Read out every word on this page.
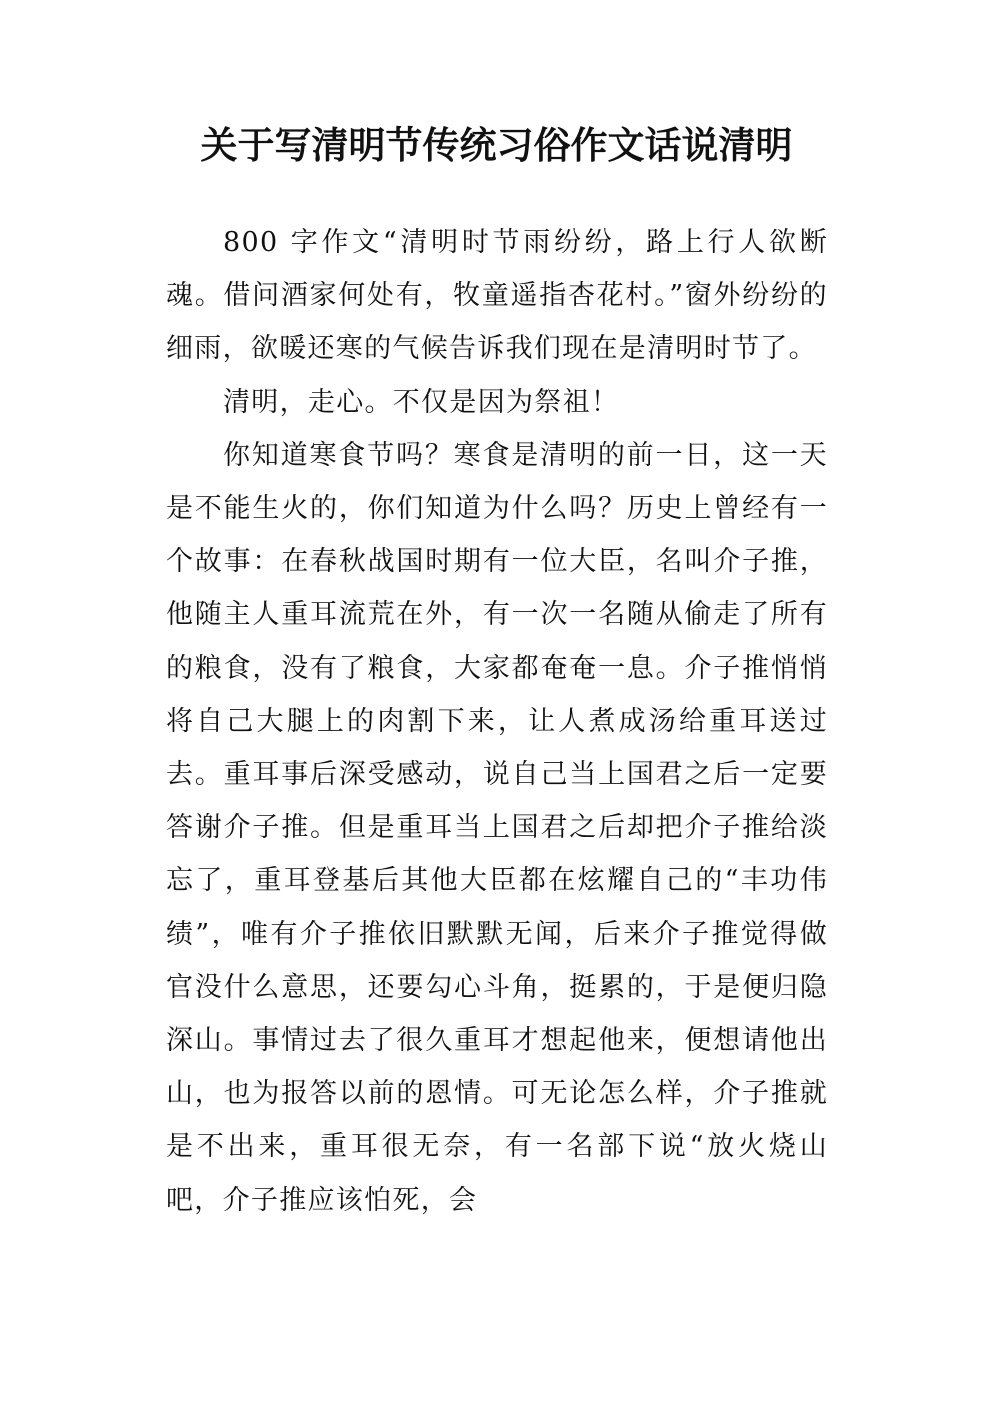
关于写清明节传统习俗作文话说清明

800 字作文“清明时节雨纷纷，路上行人欲断魂。借问酒家何处有，牧童遥指杏花村。”窗外纷纷的细雨，欲暖还寒的气候告诉我们现在是清明时节了。

清明，走心。不仅是因为祭祖！

你知道寒食节吗？寒食是清明的前一日，这一天是不能生火的，你们知道为什么吗？历史上曾经有一个故事：在春秋战国时期有一位大臣，名叫介子推，他随主人重耳流荒在外，有一次一名随从偷走了所有的粮食，没有了粮食，大家都奄奄一息。介子推悄悄将自己大腿上的肉割下来，让人煮成汤给重耳送过去。重耳事后深受感动，说自己当上国君之后一定要答谢介子推。但是重耳当上国君之后却把介子推给淡忘了，重耳登基后其他大臣都在炫耀自己的“丰功伟绩”，唯有介子推依旧默默无闻，后来介子推觉得做官没什么意思，还要勾心斗角，挺累的，于是便归隐深山。事情过去了很久重耳才想起他来，便想请他出山，也为报答以前的恩情。可无论怎么样，介子推就是不出来，重耳很无奈，有一名部下说“放火烧山吧，介子推应该怕死，会
